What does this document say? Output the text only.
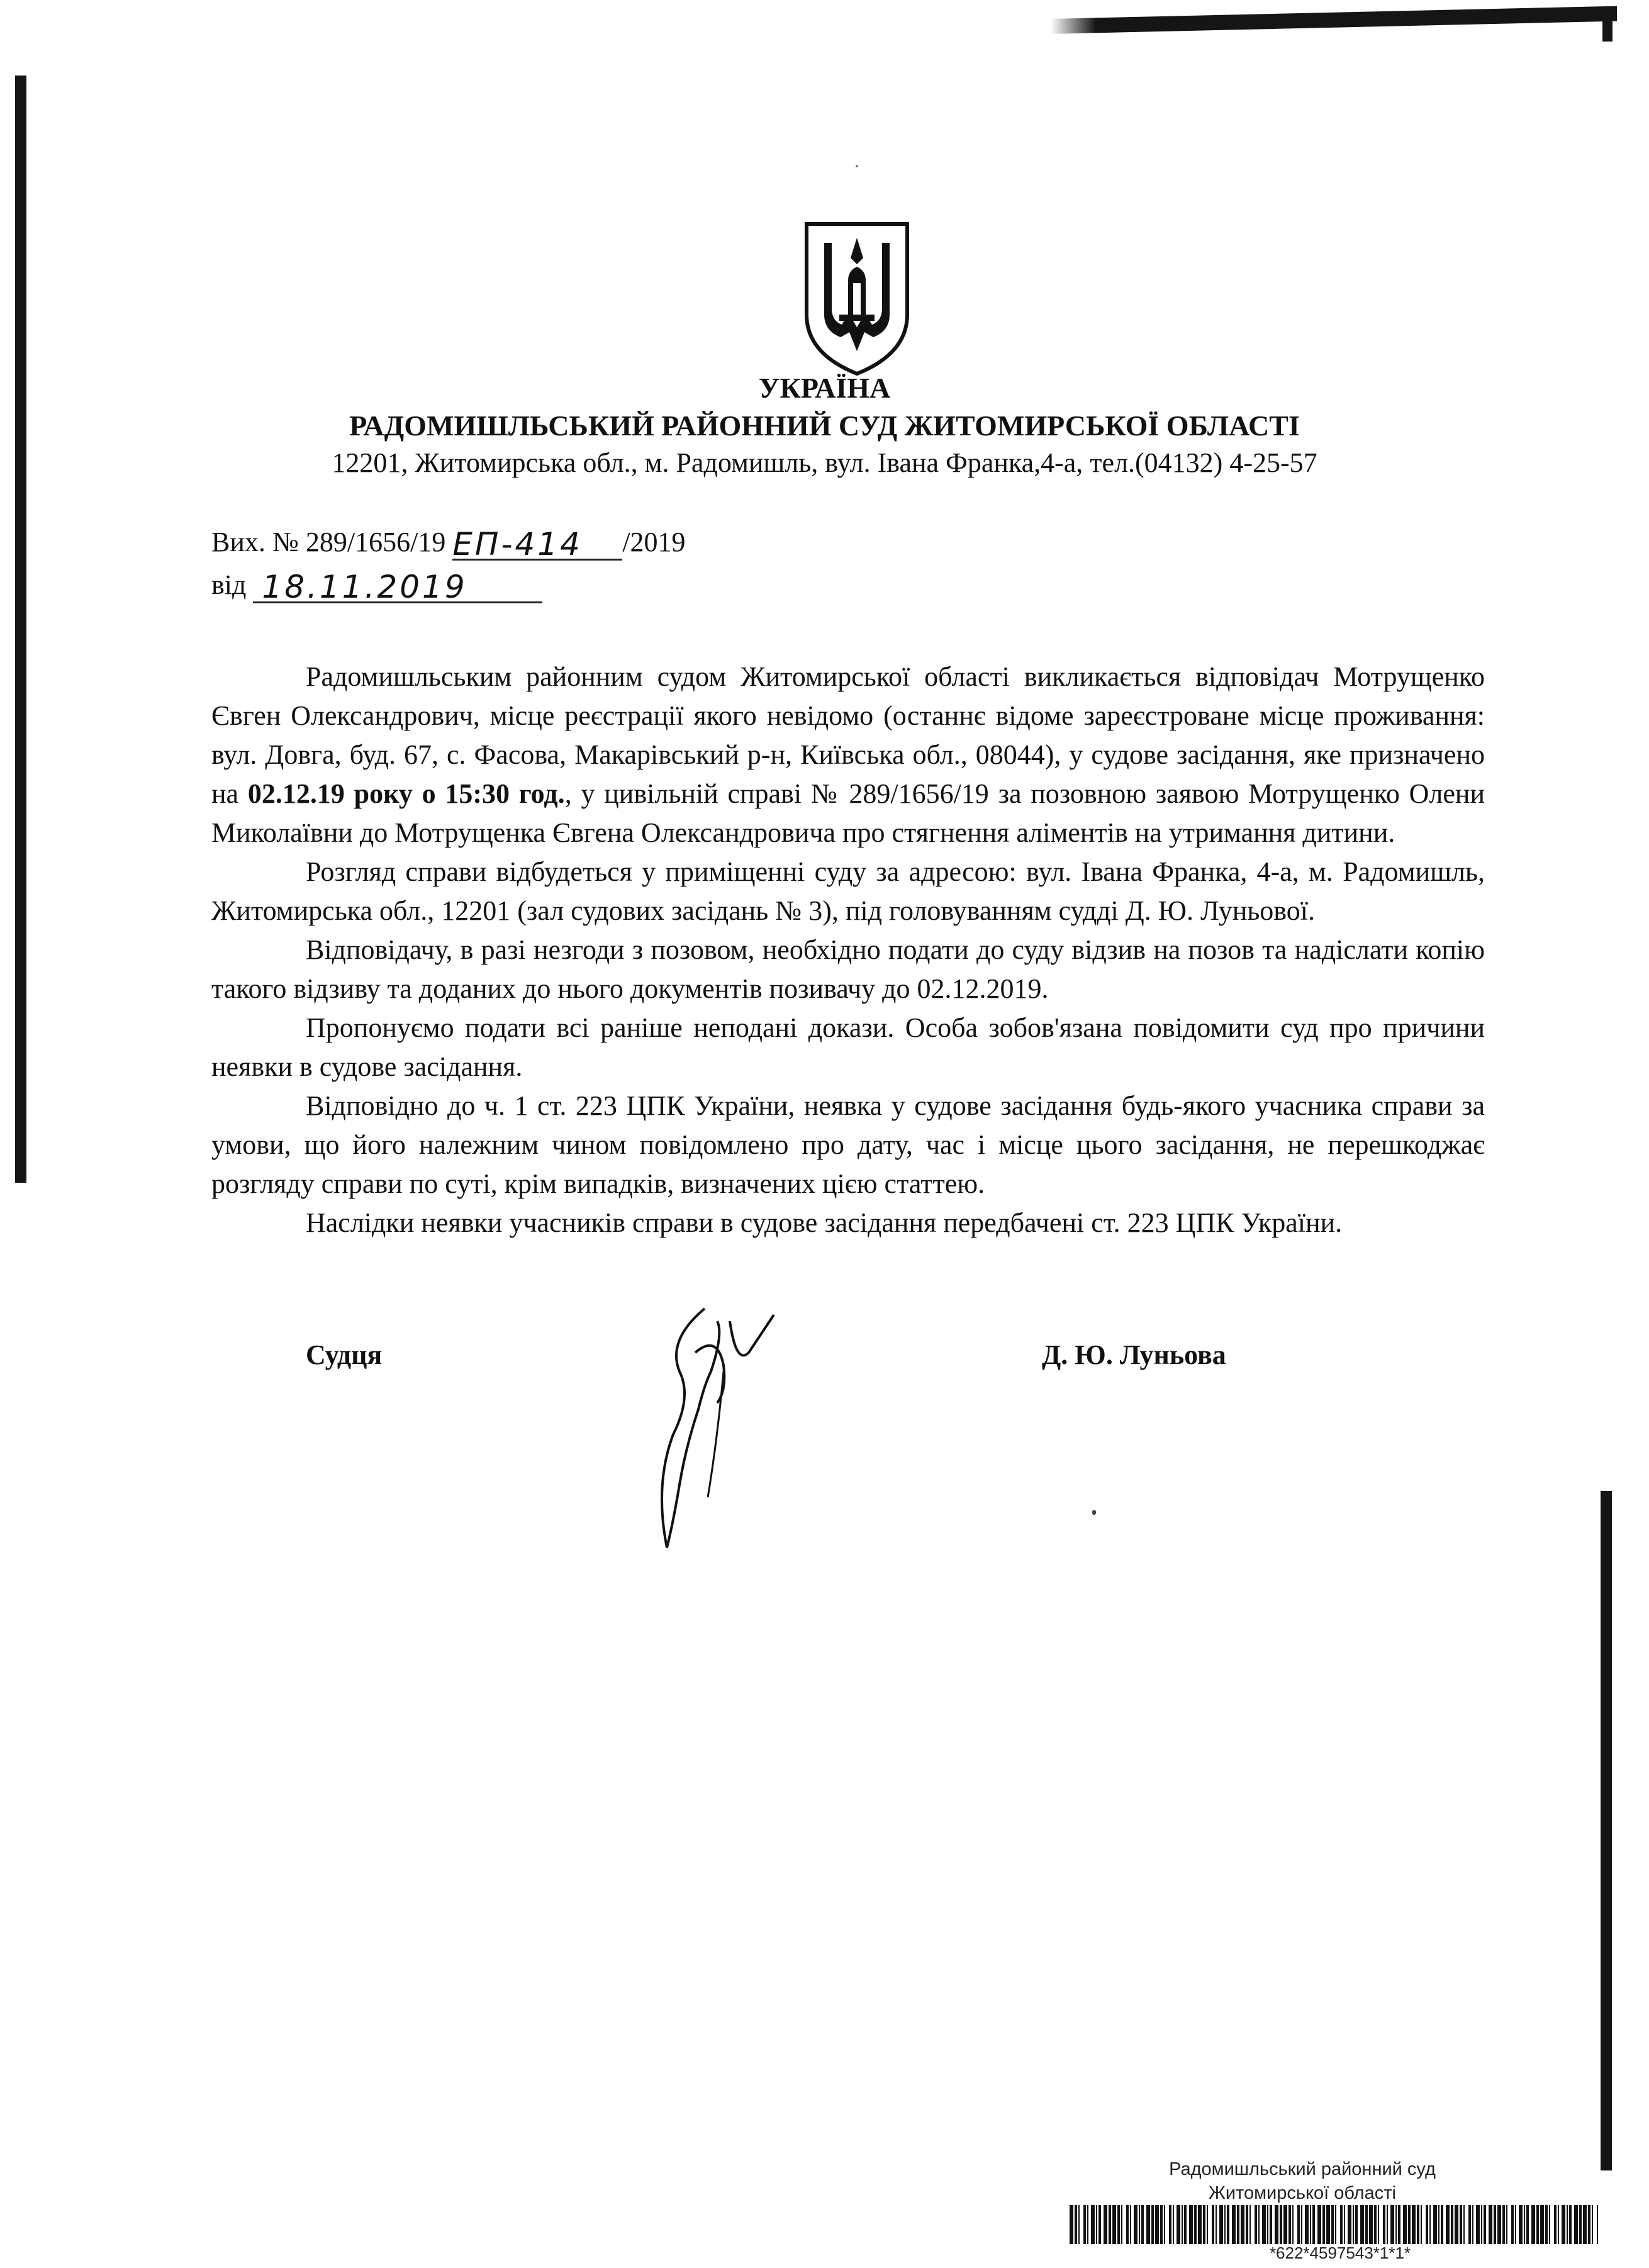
УКРАЇНА
РАДОМИШЛЬСЬКИЙ РАЙОННИЙ СУД ЖИТОМИРСЬКОЇ ОБЛАСТІ
12201, Житомирська обл., м. Радомишль, вул. Івана Франка,4-а, тел.(04132) 4-25-57
Вих. № 289/1656/19 ЕП-414 /2019
від 18.11.2019

Радомишльським районним судом Житомирської області викликається відповідач Мотрущенко Євген Олександрович, місце реєстрації якого невідомо (останнє відоме зареєстроване місце проживання: вул. Довга, буд. 67, с. Фасова, Макарівський р-н, Київська обл., 08044), у судове засідання, яке призначено на 02.12.19 року о 15:30 год., у цивільній справі № 289/1656/19 за позовною заявою Мотрущенко Олени Миколаївни до Мотрущенка Євгена Олександровича про стягнення аліментів на утримання дитини.

Розгляд справи відбудеться у приміщенні суду за адресою: вул. Івана Франка, 4-а, м. Радомишль, Житомирська обл., 12201 (зал судових засідань № 3), під головуванням судді Д. Ю. Луньової.

Відповідачу, в разі незгоди з позовом, необхідно подати до суду відзив на позов та надіслати копію такого відзиву та доданих до нього документів позивачу до 02.12.2019.

Пропонуємо подати всі раніше неподані докази. Особа зобов'язана повідомити суд про причини неявки в судове засідання.

Відповідно до ч. 1 ст. 223 ЦПК України, неявка у судове засідання будь-якого учасника справи за умови, що його належним чином повідомлено про дату, час і місце цього засідання, не перешкоджає розгляду справи по суті, крім випадків, визначених цією статтею.

Наслідки неявки учасників справи в судове засідання передбачені ст. 223 ЦПК України.

Судця	Д. Ю. Луньова
Радомишльський районний суд
Житомирської області
*622*4597543*1*1*
